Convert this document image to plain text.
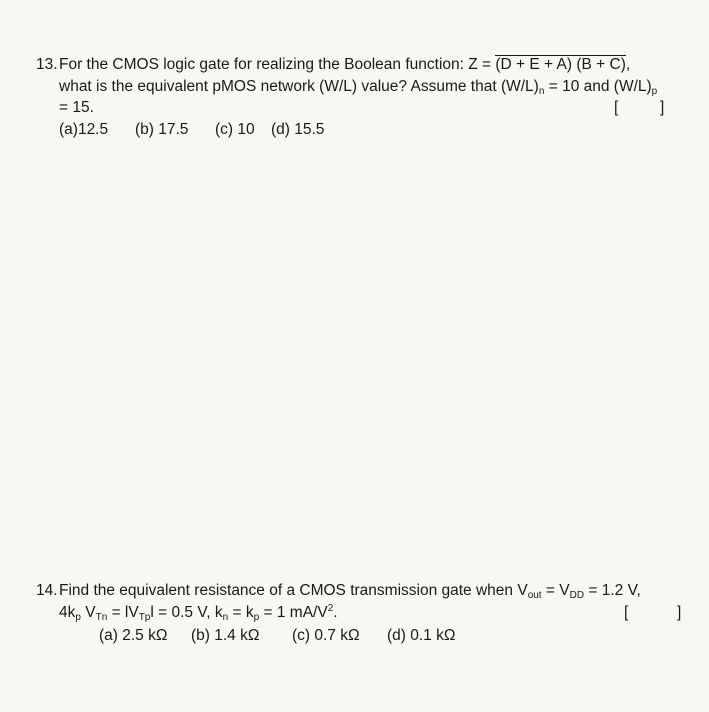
13. For the CMOS logic gate for realizing the Boolean function: Z = (D + E + A) (B + C),
what is the equivalent pMOS network (W/L) value? Assume that $(W/L)_n = 10$ and $(W/L)_p$
= 15.	[	]
(a)12.5 (b) 17.5 (c) 10 (d) 15.5
14. Find the equivalent resistance of a CMOS transmission gate when $V_{out} = V_{DD} = 1.2$ V,
$4k_p$ $V_{Tn} = lV_{Tp}l = 0.5$ V, $k_n = k_p = 1$ $mA/V^2$.	[	]
(a) 2.5 kΩ (b) 1.4 kΩ (c) 0.7 kΩ (d) 0.1 kΩ
